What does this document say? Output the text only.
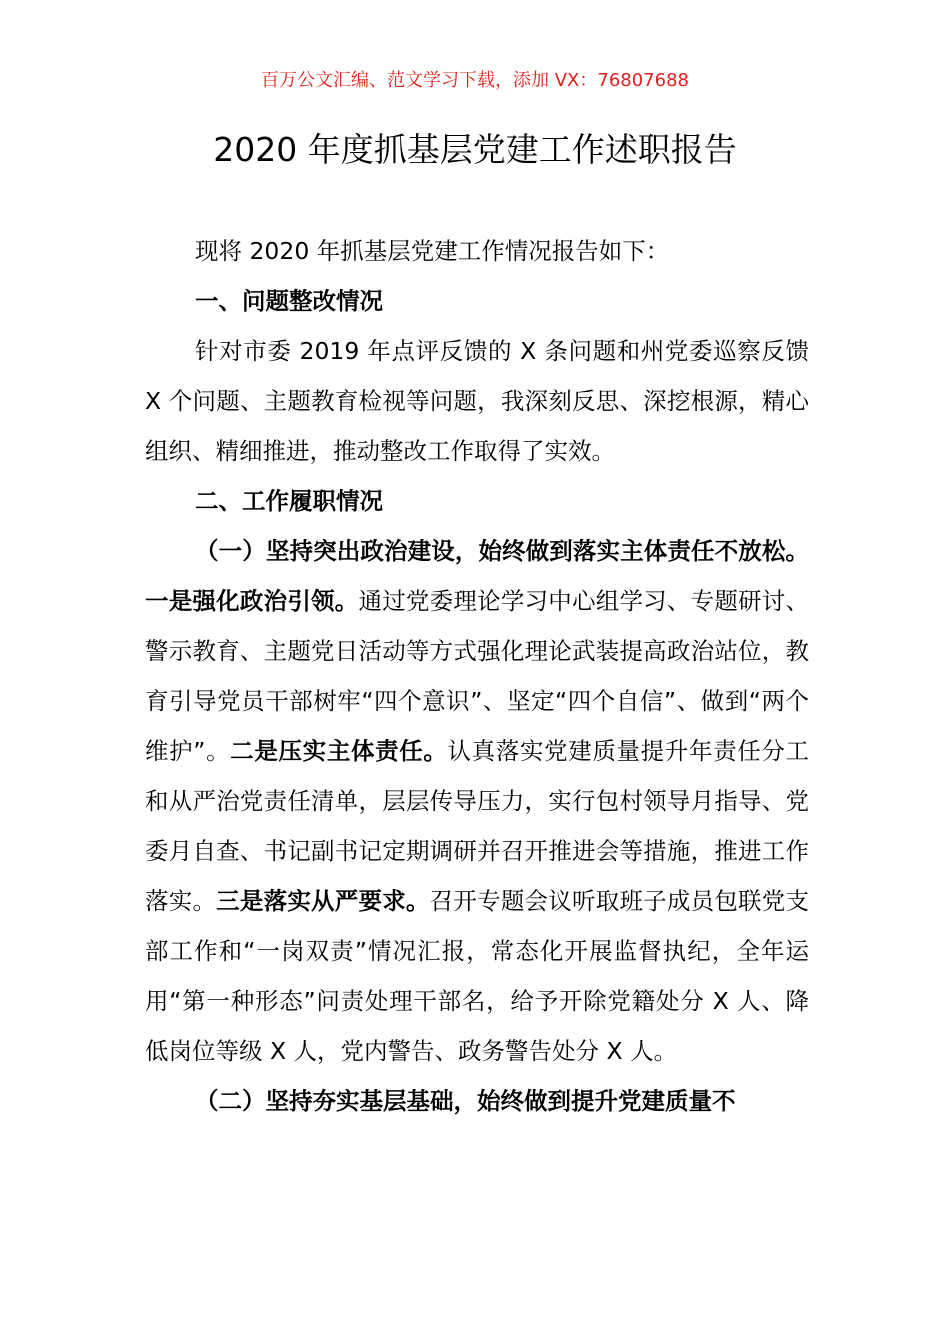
百万公文汇编、范文学习下载，添加 VX：76807688
2020 年度抓基层党建工作述职报告

现将 2020 年抓基层党建工作情况报告如下：

一、问题整改情况

针对市委 2019 年点评反馈的 X 条问题和州党委巡察反馈 X 个问题、主题教育检视等问题，我深刻反思、深挖根源，精心组织、精细推进，推动整改工作取得了实效。

二、工作履职情况

（一）坚持突出政治建设，始终做到落实主体责任不放松。一是强化政治引领。通过党委理论学习中心组学习、专题研讨、警示教育、主题党日活动等方式强化理论武装提高政治站位，教育引导党员干部树牢“四个意识”、坚定“四个自信”、做到“两个维护”。二是压实主体责任。认真落实党建质量提升年责任分工和从严治党责任清单，层层传导压力，实行包村领导月指导、党委月自查、书记副书记定期调研并召开推进会等措施，推进工作落实。三是落实从严要求。召开专题会议听取班子成员包联党支部工作和“一岗双责”情况汇报，常态化开展监督执纪，全年运用“第一种形态”问责处理干部名，给予开除党籍处分 X 人、降低岗位等级 X 人，党内警告、政务警告处分 X 人。

（二）坚持夯实基层基础，始终做到提升党建质量不
